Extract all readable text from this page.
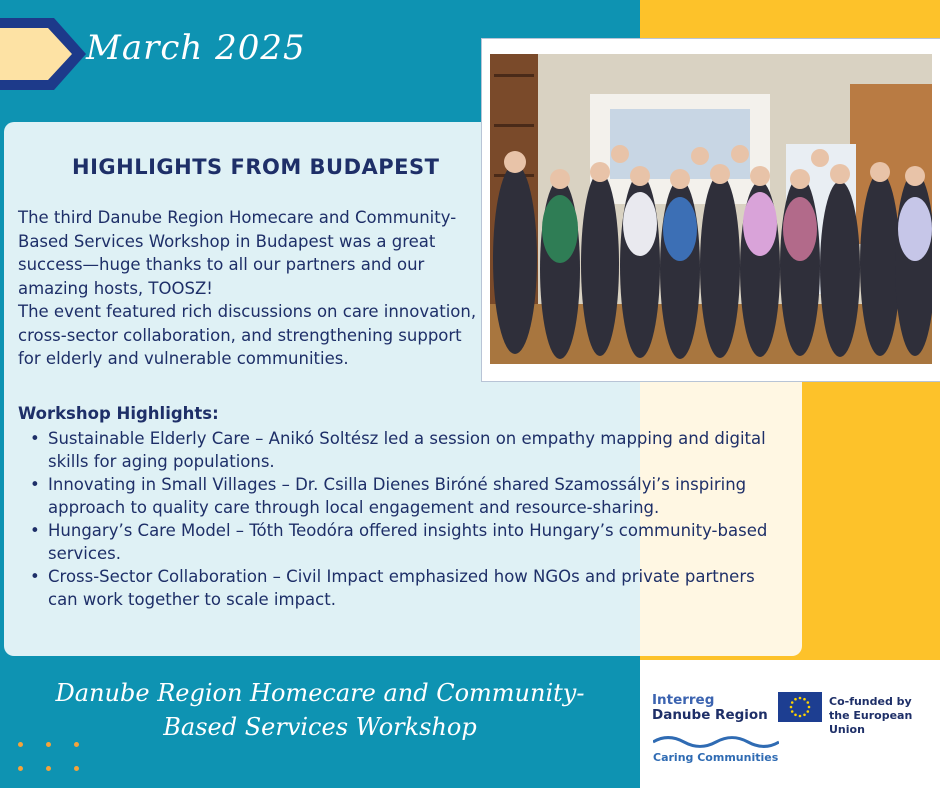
March 2025
HIGHLIGHTS FROM BUDAPEST

The third Danube Region Homecare and Community-Based Services Workshop in Budapest was a great success—huge thanks to all our partners and our amazing hosts, TOOSZ!

The event featured rich discussions on care innovation, cross-sector collaboration, and strengthening support for elderly and vulnerable communities.

Workshop Highlights:
• Sustainable Elderly Care – Anikó Soltész led a session on empathy mapping and digital skills for aging populations.
• Innovating in Small Villages – Dr. Csilla Dienes Biróné shared Szamossályi’s inspiring approach to quality care through local engagement and resource-sharing.
• Hungary’s Care Model – Tóth Teodóra offered insights into Hungary’s community-based services.
• Cross-Sector Collaboration – Civil Impact emphasized how NGOs and private partners can work together to scale impact.
Danube Region Homecare and Community-Based Services Workshop
Interreg
Danube Region
Co-funded by
the European Union
Caring Communities
